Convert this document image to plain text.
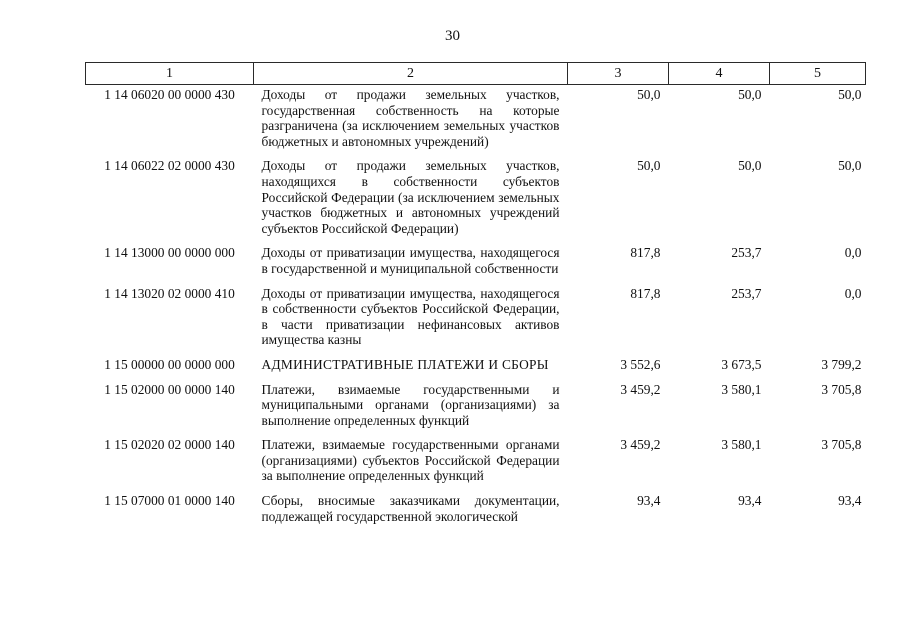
30
1	2	3	4	5
1 14 06020 00 0000 430	Доходы от продажи земельных участков, государственная собственность на которые разграничена (за исключением земельных участков бюджетных и автономных учреждений)	50,0	50,0	50,0
1 14 06022 02 0000 430	Доходы от продажи земельных участков, находящихся в собственности субъектов Российской Федерации (за исключением земельных участков бюджетных и автономных учреждений субъектов Российской Федерации)	50,0	50,0	50,0
1 14 13000 00 0000 000	Доходы от приватизации имущества, находящегося в государственной и муниципальной собственности	817,8	253,7	0,0
1 14 13020 02 0000 410	Доходы от приватизации имущества, находящегося в собственности субъектов Российской Федерации, в части приватизации нефинансовых активов имущества казны	817,8	253,7	0,0
1 15 00000 00 0000 000	АДМИНИСТРАТИВНЫЕ ПЛАТЕЖИ И СБОРЫ	3 552,6	3 673,5	3 799,2
1 15 02000 00 0000 140	Платежи, взимаемые государственными и муниципальными органами (организациями) за выполнение определенных функций	3 459,2	3 580,1	3 705,8
1 15 02020 02 0000 140	Платежи, взимаемые государственными органами (организациями) субъектов Российской Федерации за выполнение определенных функций	3 459,2	3 580,1	3 705,8
1 15 07000 01 0000 140	Сборы, вносимые заказчиками документации, подлежащей государственной экологической	93,4	93,4	93,4
